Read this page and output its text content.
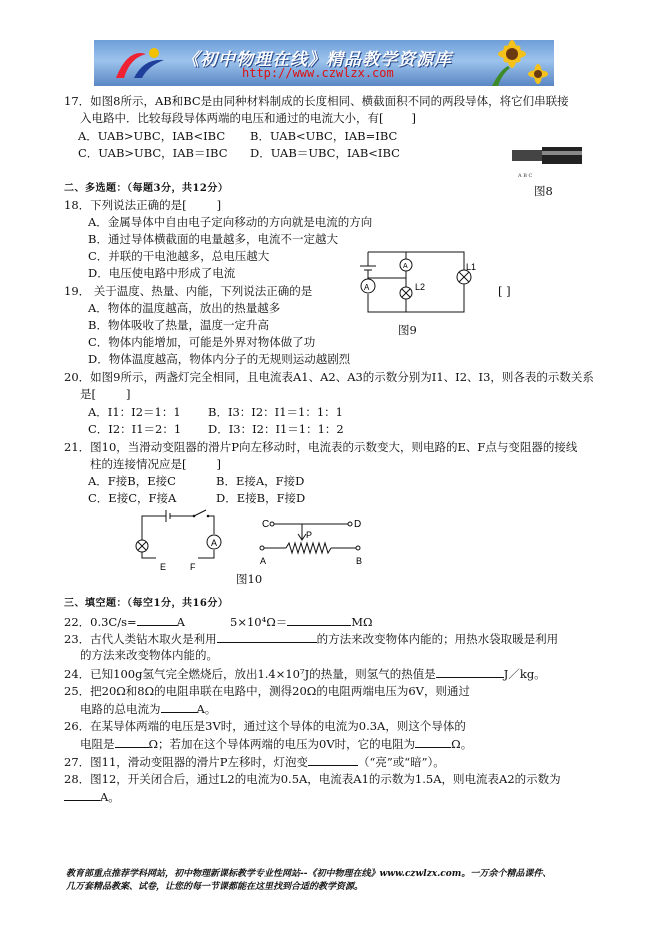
《初中物理在线》精品教学资源库
http://www.czwlzx.com
17．如图8所示，AB和BC是由同种材料制成的长度相同、横截面积不同的两段导体，将它们串联接
入电路中．比较每段导体两端的电压和通过的电流大小，有[ ]
A．UAB>UBC，IAB<IBC B．UAB<UBC，IAB=IBC
C．UAB>UBC，IAB＝IBC D．UAB＝UBC，IAB<IBC
A B C
图8
二、多选题：（每题3分，共12分）
18．下列说法正确的是[	]
A．金属导体中自由电子定向移动的方向就是电流的方向
B．通过导体横截面的电量越多，电流不一定越大
C．并联的干电池越多，总电压越大
D．电压使电路中形成了电流
A
A
L2
L1
图9
19． 关于温度、热量、内能，下列说法正确的是	[ ]
A．物体的温度越高，放出的热量越多
B．物体吸收了热量，温度一定升高
C．物体内能增加，可能是外界对物体做了功
D．物体温度越高，物体内分子的无规则运动越剧烈
20．如图9所示，两盏灯完全相同，且电流表A1、A2、A3的示数分别为I1、I2、I3，则各表的示数关系
是[	]
A．I1：I2＝1：1 B．I3：I2：I1＝1：1：1
C．I2：I1＝2：1 D．I3：I2：I1＝1：1：2
21．图10，当滑动变阻器的滑片P向左移动时，电流表的示数变大，则电路的E、F点与变阻器的接线
柱的连接情况应是[	]
A．F接B，E接C	B．E接A，F接D
C．E接C，F接A	D．E接B，F接D
A
E	F
C	D
P
A	B
图10
三、填空题：（每空1分，共16分）
22．0.3C/s=	A	5×10⁴Ω＝	MΩ
23．古代人类钻木取火是利用	的方法来改变物体内能的；用热水袋取暖是利用
的方法来改变物体内能的。
24．已知100g氢气完全燃烧后，放出1.4×10⁷J的热量，则氢气的热值是	J／kg。
25．把20Ω和8Ω的电阻串联在电路中，测得20Ω的电阻两端电压为6V，则通过
电路的总电流为	A。
26．在某导体两端的电压是3V时，通过这个导体的电流为0.3A，则这个导体的
电阻是	Ω；若加在这个导体两端的电压为0V时，它的电阻为	Ω。
27．图11，滑动变阻器的滑片P左移时，灯泡变	（“亮”或“暗”）。
28．图12，开关闭合后，通过L2的电流为0.5A，电流表A1的示数为1.5A，则电流表A2的示数为
A。
教育部重点推荐学科网站，初中物理新课标教学专业性网站--《初中物理在线》www.czwlzx.com。一万余个精品课件、
几万套精品教案、试卷，让您的每一节课都能在这里找到合适的教学资源。
